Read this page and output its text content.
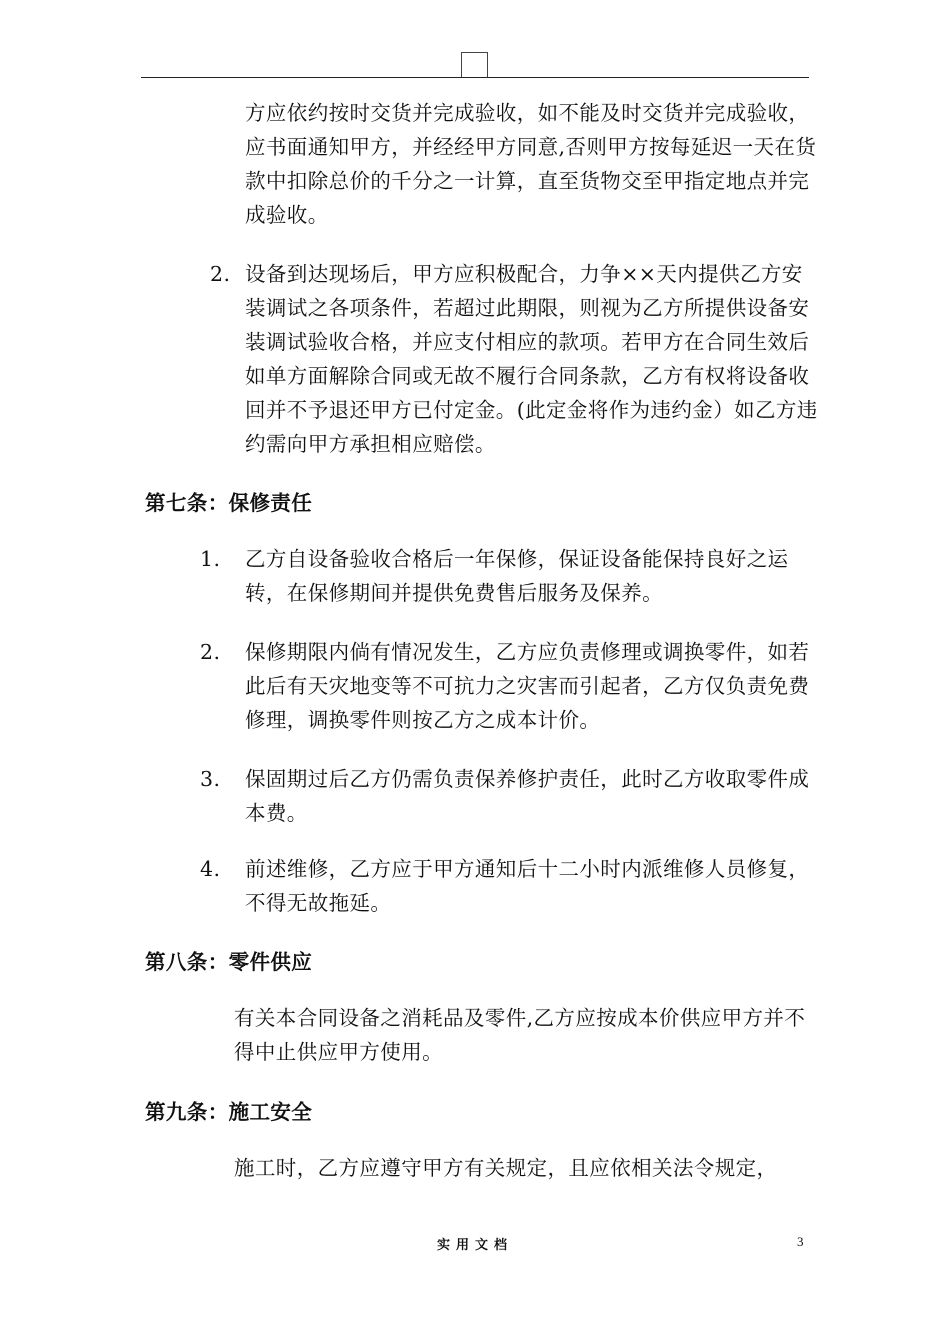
方应依约按时交货并完成验收，如不能及时交货并完成验收，应书面通知甲方，并经经甲方同意,否则甲方按每延迟一天在货款中扣除总价的千分之一计算，直至货物交至甲指定地点并完成验收。

2. 设备到达现场后，甲方应积极配合，力争××天内提供乙方安装调试之各项条件，若超过此期限，则视为乙方所提供设备安装调试验收合格，并应支付相应的款项。若甲方在合同生效后如单方面解除合同或无故不履行合同条款，乙方有权将设备收回并不予退还甲方已付定金。(此定金将作为违约金）如乙方违约需向甲方承担相应赔偿。
第七条：保修责任
1.	乙方自设备验收合格后一年保修，保证设备能保持良好之运转，在保修期间并提供免费售后服务及保养。
2.	保修期限内倘有情况发生，乙方应负责修理或调换零件，如若此后有天灾地变等不可抗力之灾害而引起者，乙方仅负责免费修理，调换零件则按乙方之成本计价。
3.	保固期过后乙方仍需负责保养修护责任，此时乙方收取零件成本费。
4.	前述维修，乙方应于甲方通知后十二小时内派维修人员修复，不得无故拖延。
第八条：零件供应

有关本合同设备之消耗品及零件,乙方应按成本价供应甲方并不得中止供应甲方使用。

第九条：施工安全

施工时，乙方应遵守甲方有关规定，且应依相关法令规定，

实用文档	3
